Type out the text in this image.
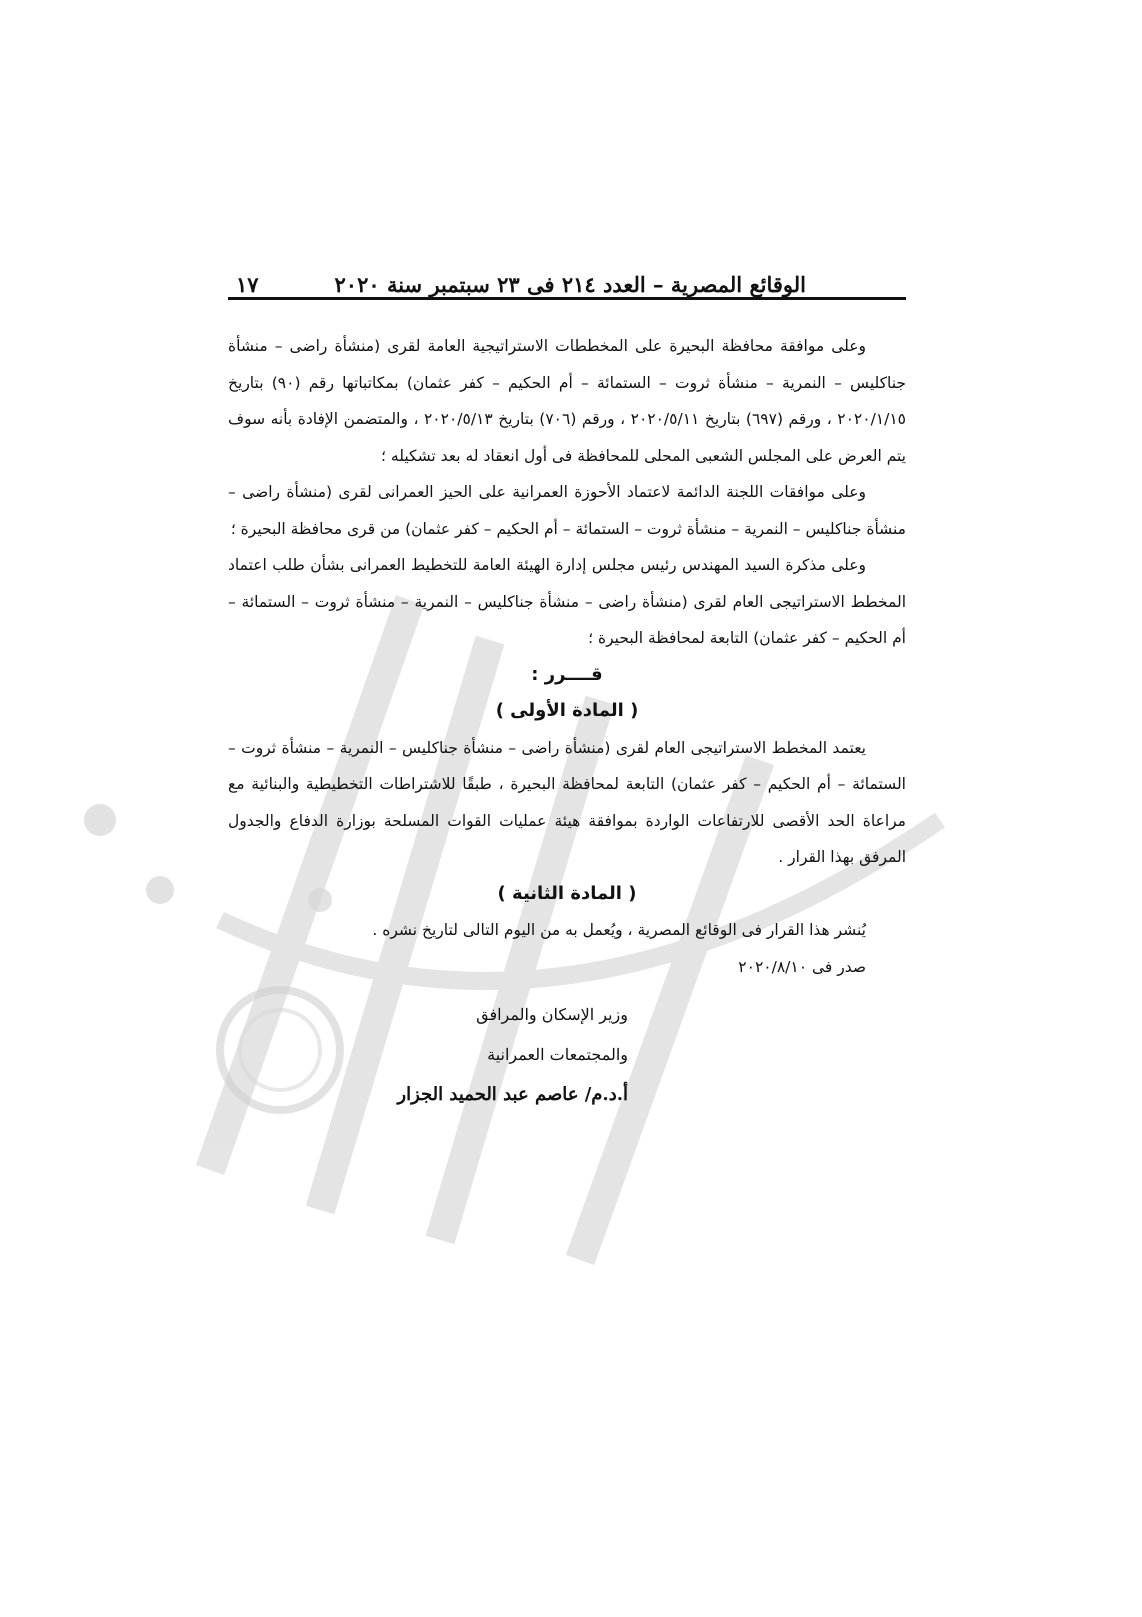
الوقائع المصرية – العدد ٢١٤ فى ٢٣ سبتمبر سنة ٢٠٢٠
١٧
وعلى موافقة محافظة البحيرة على المخططات الاستراتيجية العامة لقرى (منشأة راضى – منشأة جناكليس – النمرية – منشأة ثروت – الستمائة – أم الحكيم – كفر عثمان) بمكاتباتها رقم (٩٠) بتاريخ ٢٠٢٠/١/١٥ ، ورقم (٦٩٧) بتاريخ ٢٠٢٠/٥/١١ ، ورقم (٧٠٦) بتاريخ ٢٠٢٠/٥/١٣ ، والمتضمن الإفادة بأنه سوف يتم العرض على المجلس الشعبى المحلى للمحافظة فى أول انعقاد له بعد تشكيله ؛
وعلى موافقات اللجنة الدائمة لاعتماد الأحوزة العمرانية على الحيز العمرانى لقرى (منشأة راضى – منشأة جناكليس – النمرية – منشأة ثروت – الستمائة – أم الحكيم – كفر عثمان) من قرى محافظة البحيرة ؛
وعلى مذكرة السيد المهندس رئيس مجلس إدارة الهيئة العامة للتخطيط العمرانى بشأن طلب اعتماد المخطط الاستراتيجى العام لقرى (منشأة راضى – منشأة جناكليس – النمرية – منشأة ثروت – الستمائة – أم الحكيم – كفر عثمان) التابعة لمحافظة البحيرة ؛
قــــرر :
( المادة الأولى )
يعتمد المخطط الاستراتيجى العام لقرى (منشأة راضى – منشأة جناكليس – النمرية – منشأة ثروت – الستمائة – أم الحكيم – كفر عثمان) التابعة لمحافظة البحيرة ، طبقًا للاشتراطات التخطيطية والبنائية مع مراعاة الحد الأقصى للارتفاعات الواردة بموافقة هيئة عمليات القوات المسلحة بوزارة الدفاع والجدول المرفق بهذا القرار .
( المادة الثانية )
يُنشر هذا القرار فى الوقائع المصرية ، ويُعمل به من اليوم التالى لتاريخ نشره .
صدر فى ٢٠٢٠/٨/١٠
وزير الإسكان والمرافق
والمجتمعات العمرانية
أ.د.م/ عاصم عبد الحميد الجزار
